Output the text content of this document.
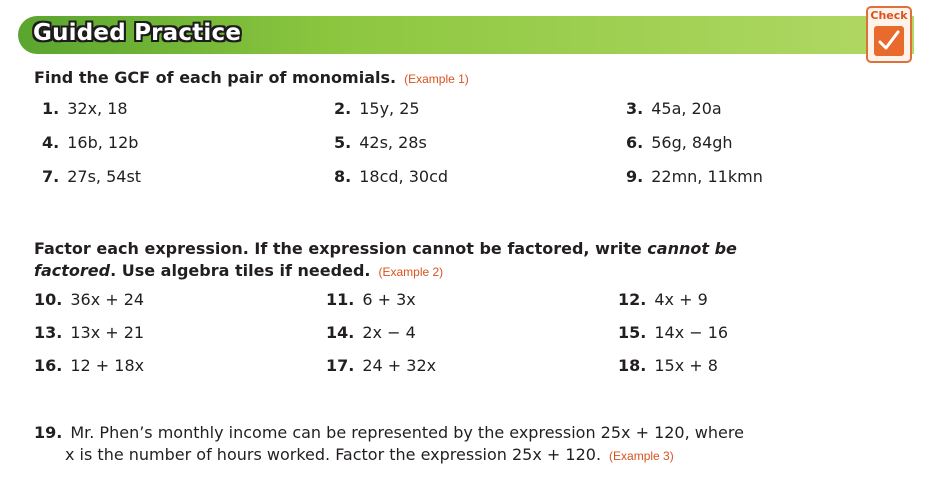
Guided Practice
Check
Find the GCF of each pair of monomials. (Example 1)
1. 32x, 18	2. 15y, 25	3. 45a, 20a
4. 16b, 12b	5. 42s, 28s	6. 56g, 84gh
7. 27s, 54st	8. 18cd, 30cd	9. 22mn, 11kmn
Factor each expression. If the expression cannot be factored, write cannot be
factored. Use algebra tiles if needed. (Example 2)
10. 36x + 24	11. 6 + 3x	12. 4x + 9
13. 13x + 21	14. 2x − 4	15. 14x − 16
16. 12 + 18x	17. 24 + 32x	18. 15x + 8
19. Mr. Phen’s monthly income can be represented by the expression 25x + 120, where
x is the number of hours worked. Factor the expression 25x + 120. (Example 3)
